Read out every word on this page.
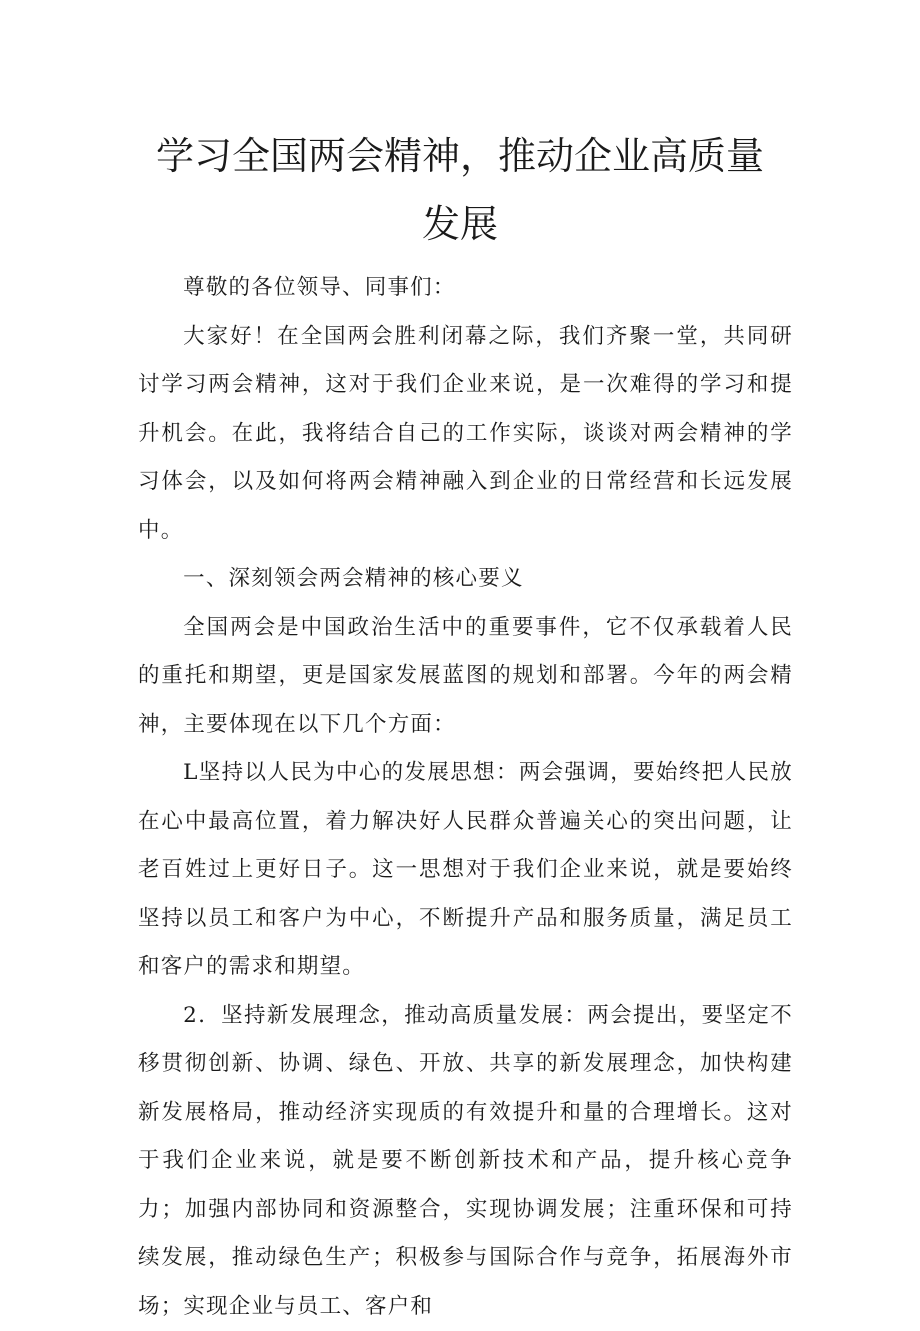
学习全国两会精神，推动企业高质量发展

尊敬的各位领导、同事们：

大家好！在全国两会胜利闭幕之际，我们齐聚一堂，共同研讨学习两会精神，这对于我们企业来说，是一次难得的学习和提升机会。在此，我将结合自己的工作实际，谈谈对两会精神的学习体会，以及如何将两会精神融入到企业的日常经营和长远发展中。

一、深刻领会两会精神的核心要义

全国两会是中国政治生活中的重要事件，它不仅承载着人民的重托和期望，更是国家发展蓝图的规划和部署。今年的两会精神，主要体现在以下几个方面：

L坚持以人民为中心的发展思想：两会强调，要始终把人民放在心中最高位置，着力解决好人民群众普遍关心的突出问题，让老百姓过上更好日子。这一思想对于我们企业来说，就是要始终坚持以员工和客户为中心，不断提升产品和服务质量，满足员工和客户的需求和期望。

2．坚持新发展理念，推动高质量发展：两会提出，要坚定不移贯彻创新、协调、绿色、开放、共享的新发展理念，加快构建新发展格局，推动经济实现质的有效提升和量的合理增长。这对于我们企业来说，就是要不断创新技术和产品，提升核心竞争力；加强内部协同和资源整合，实现协调发展；注重环保和可持续发展，推动绿色生产；积极参与国际合作与竞争，拓展海外市场；实现企业与员工、客户和
